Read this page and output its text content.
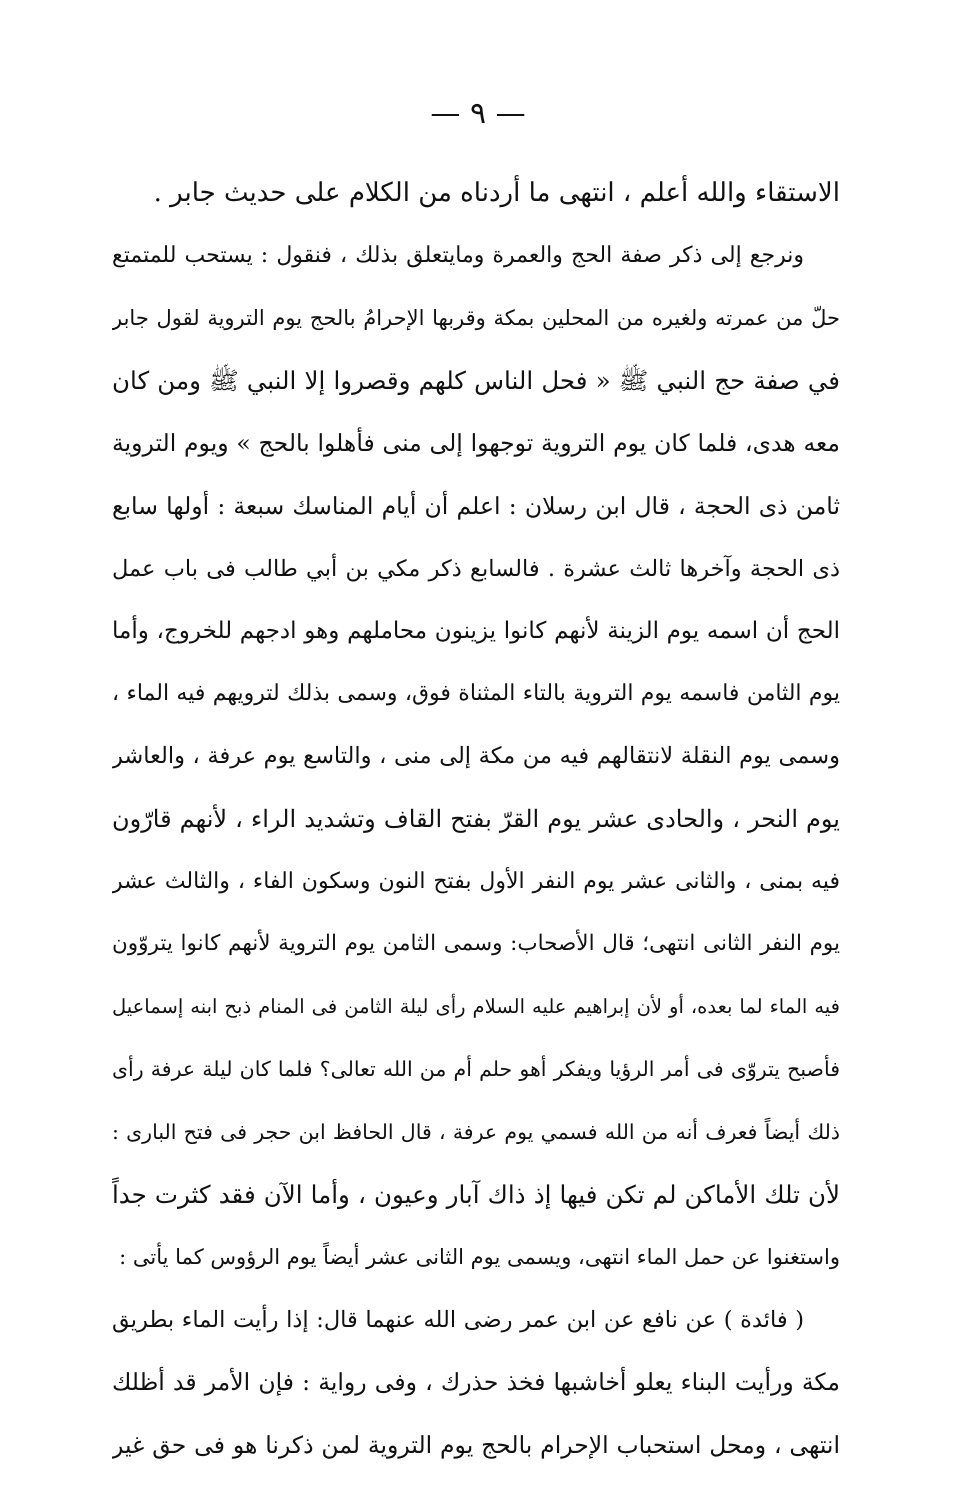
— ٩ —
الاستقاء والله أعلم ، انتهى ما أردناه من الكلام على حديث جابر .
ونرجع إلى ذكر صفة الحج والعمرة ومايتعلق بذلك ، فنقول : يستحب للمتمتع
حلّ من عمرته ولغيره من المحلين بمكة وقربها الإحرامُ بالحج يوم التروية لقول جابر
في صفة حج النبي ﷺ « فحل الناس كلهم وقصروا إلا النبي ﷺ ومن كان
معه هدى، فلما كان يوم التروية توجهوا إلى منى فأهلوا بالحج » ويوم التروية
ثامن ذى الحجة ، قال ابن رسلان : اعلم أن أيام المناسك سبعة : أولها سابع
ذى الحجة وآخرها ثالث عشرة . فالسابع ذكر مكي بن أبي طالب فى باب عمل
الحج أن اسمه يوم الزينة لأنهم كانوا يزينون محاملهم وهو ادجهم للخروج، وأما
يوم الثامن فاسمه يوم التروية بالتاء المثناة فوق، وسمى بذلك لترويهم فيه الماء ،
وسمى يوم النقلة لانتقالهم فيه من مكة إلى منى ، والتاسع يوم عرفة ، والعاشر
يوم النحر ، والحادى عشر يوم القرّ بفتح القاف وتشديد الراء ، لأنهم قارّون
فيه بمنى ، والثانى عشر يوم النفر الأول بفتح النون وسكون الفاء ، والثالث عشر
يوم النفر الثانى انتهى؛ قال الأصحاب: وسمى الثامن يوم التروية لأنهم كانوا يتروّون
فيه الماء لما بعده، أو لأن إبراهيم عليه السلام رأى ليلة الثامن فى المنام ذبح ابنه إسماعيل
فأصبح يتروّى فى أمر الرؤيا ويفكر أهو حلم أم من الله تعالى؟ فلما كان ليلة عرفة رأى
ذلك أيضاً فعرف أنه من الله فسمي يوم عرفة ، قال الحافظ ابن حجر فى فتح البارى :
لأن تلك الأماكن لم تكن فيها إذ ذاك آبار وعيون ، وأما الآن فقد كثرت جداً
واستغنوا عن حمل الماء انتهى، ويسمى يوم الثانى عشر أيضاً يوم الرؤوس كما يأتى :
( فائدة ) عن نافع عن ابن عمر رضى الله عنهما قال: إذا رأيت الماء بطريق
مكة ورأيت البناء يعلو أخاشبها فخذ حذرك ، وفى رواية : فإن الأمر قد أظلك
انتهى ، ومحل استحباب الإحرام بالحج يوم التروية لمن ذكرنا هو فى حق غير
